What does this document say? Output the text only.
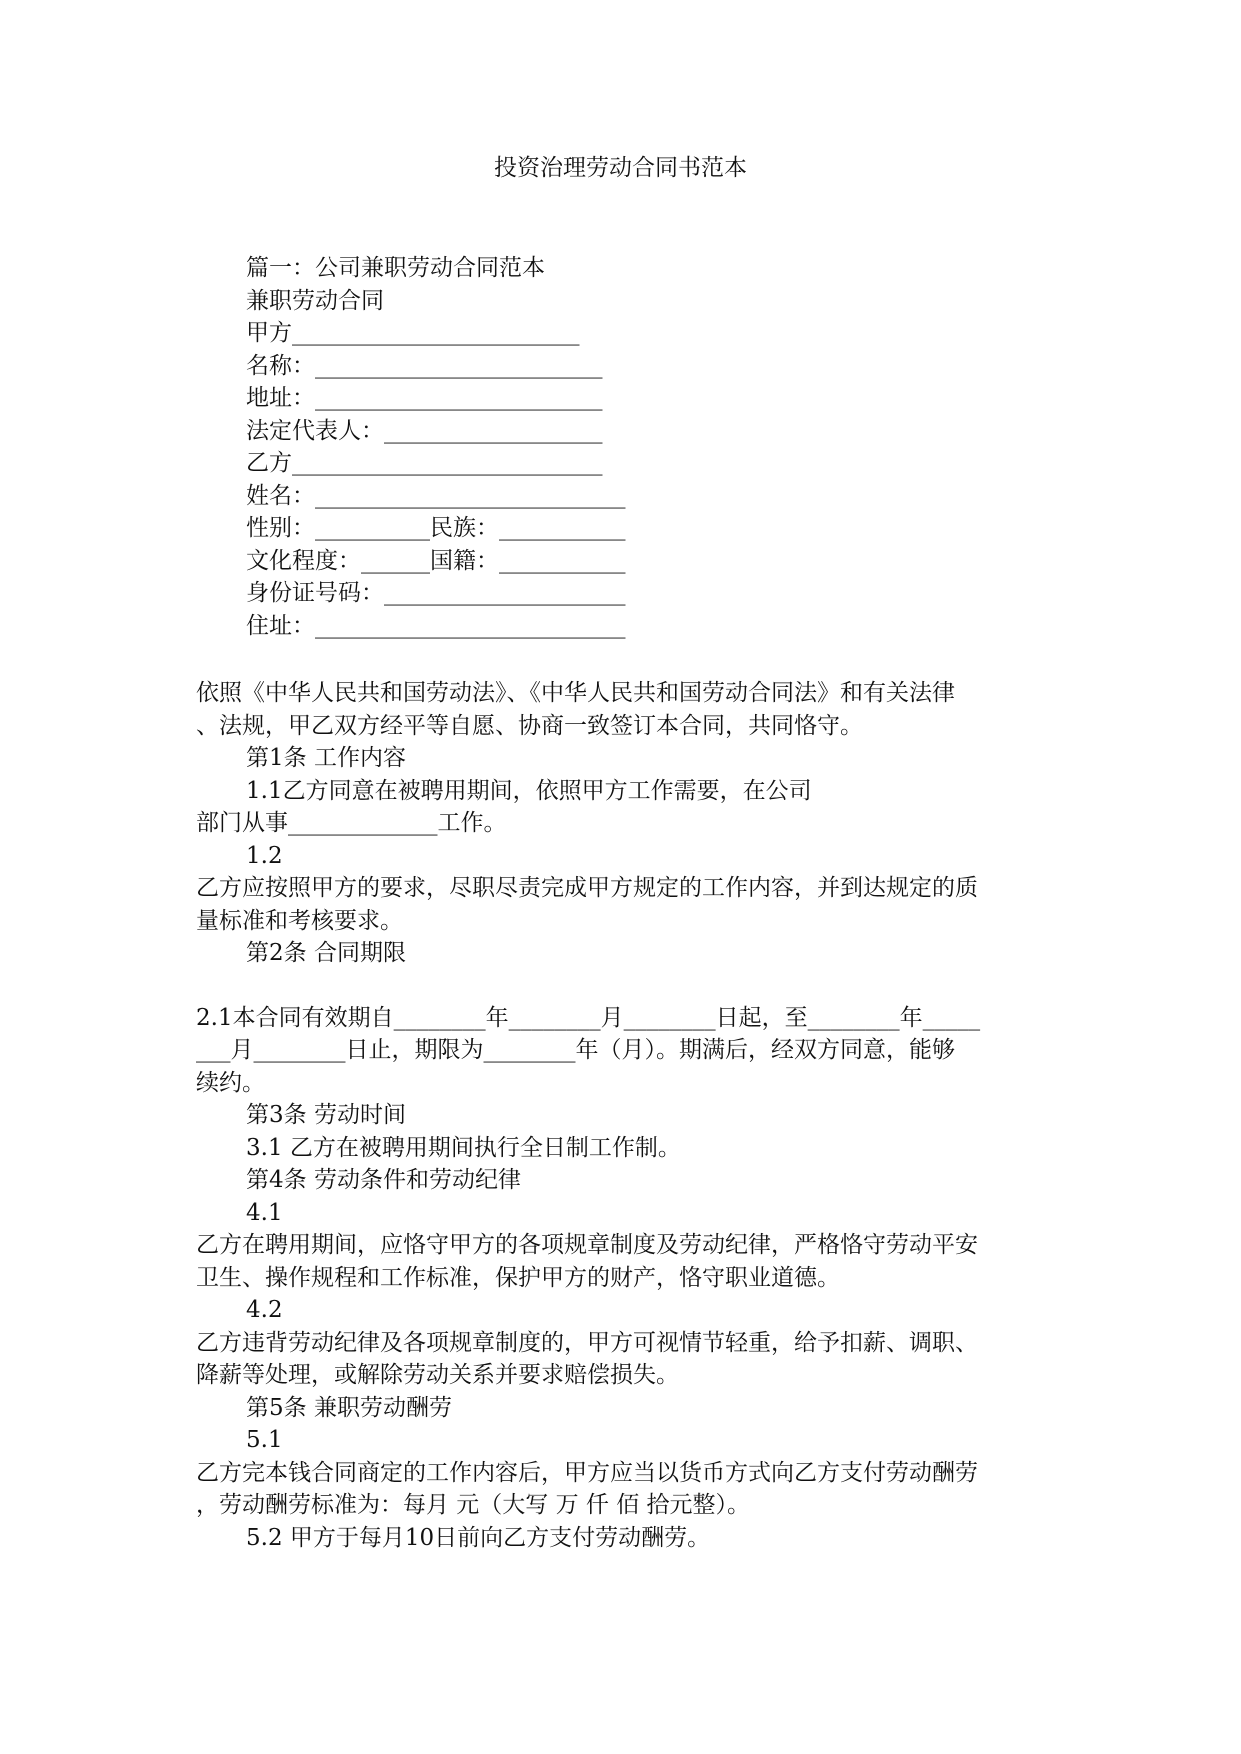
投资治理劳动合同书范本
篇一：公司兼职劳动合同范本
兼职劳动合同
甲方_________________________
名称：_________________________
地址：_________________________
法定代表人：___________________
乙方___________________________
姓名：___________________________
性别：__________民族：___________
文化程度：______国籍：___________
身份证号码：_____________________
住址：___________________________
依照《中华人民共和国劳动法》、《中华人民共和国劳动合同法》和有关法律
、法规，甲乙双方经平等自愿、协商一致签订本合同，共同恪守。
第1条 工作内容
1.1乙方同意在被聘用期间，依照甲方工作需要，在公司
部门从事_____________工作。
1.2
乙方应按照甲方的要求，尽职尽责完成甲方规定的工作内容，并到达规定的质
量标准和考核要求。
第2条 合同期限
2.1本合同有效期自________年________月________日起，至________年_____
___月________日止，期限为________年（月）。期满后，经双方同意，能够
续约。
第3条 劳动时间
3.1 乙方在被聘用期间执行全日制工作制。
第4条 劳动条件和劳动纪律
4.1
乙方在聘用期间，应恪守甲方的各项规章制度及劳动纪律，严格恪守劳动平安
卫生、操作规程和工作标准，保护甲方的财产，恪守职业道德。
4.2
乙方违背劳动纪律及各项规章制度的，甲方可视情节轻重，给予扣薪、调职、
降薪等处理，或解除劳动关系并要求赔偿损失。
第5条 兼职劳动酬劳
5.1
乙方完本钱合同商定的工作内容后，甲方应当以货币方式向乙方支付劳动酬劳
，劳动酬劳标准为：每月 元（大写 万 仟 佰 拾元整）。
5.2 甲方于每月10日前向乙方支付劳动酬劳。
